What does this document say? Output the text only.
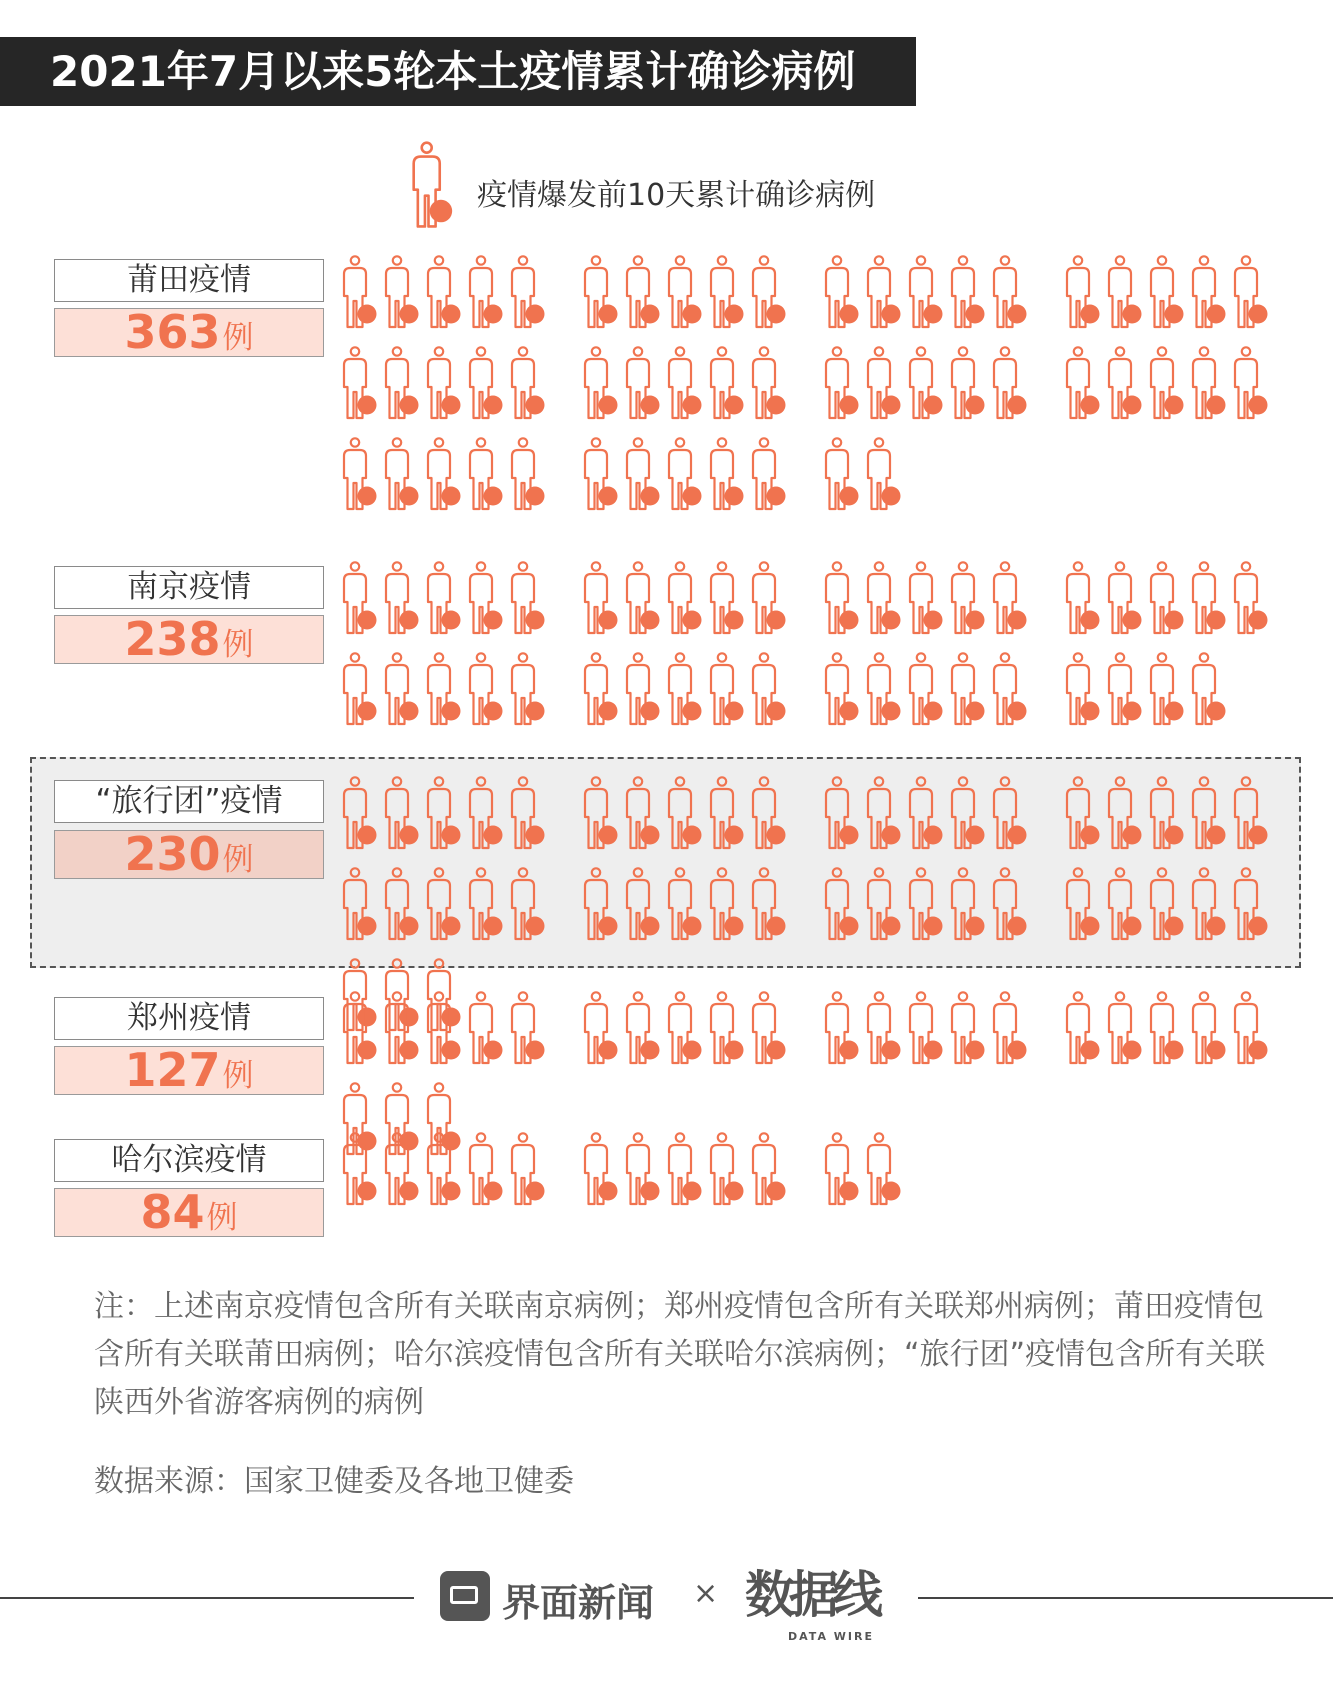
2021年7月以来5轮本土疫情累计确诊病例
疫情爆发前10天累计确诊病例
莆田疫情
363例
南京疫情
238例
“旅行团”疫情
230例
郑州疫情
127例
哈尔滨疫情
84例
注：上述南京疫情包含所有关联南京病例；郑州疫情包含所有关联郑州病例；莆田疫情包含所有关联莆田病例；哈尔滨疫情包含所有关联哈尔滨病例；“旅行团”疫情包含所有关联陕西外省游客病例的病例
数据来源：国家卫健委及各地卫健委
界面新闻 × 数据线
DATA WIRE
